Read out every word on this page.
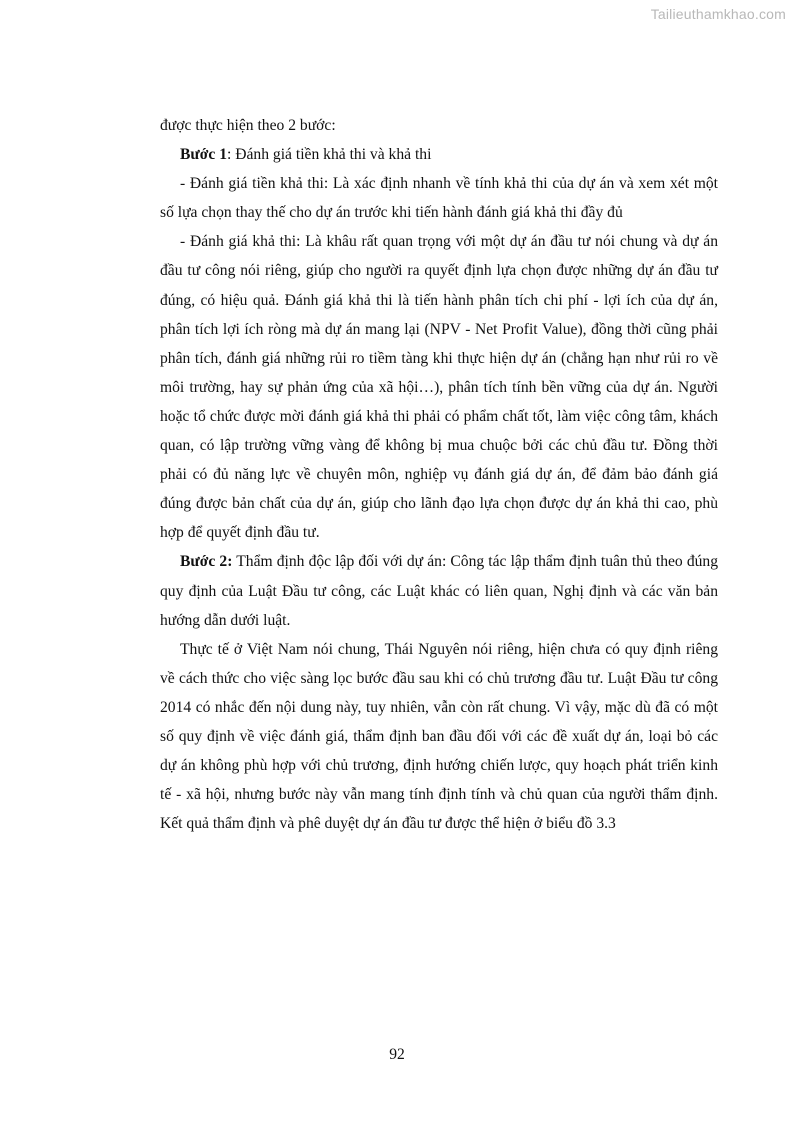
Tailieuthamkhao.com

được thực hiện theo 2 bước:

Bước 1: Đánh giá tiền khả thi và khả thi

- Đánh giá tiền khả thi: Là xác định nhanh về tính khả thi của dự án và xem xét một số lựa chọn thay thế cho dự án trước khi tiến hành đánh giá khả thi đầy đủ

- Đánh giá khả thi: Là khâu rất quan trọng với một dự án đầu tư nói chung và dự án đầu tư công nói riêng, giúp cho người ra quyết định lựa chọn được những dự án đầu tư đúng, có hiệu quả. Đánh giá khả thi là tiến hành phân tích chi phí - lợi ích của dự án, phân tích lợi ích ròng mà dự án mang lại (NPV - Net Profit Value), đồng thời cũng phải phân tích, đánh giá những rủi ro tiềm tàng khi thực hiện dự án (chẳng hạn như rủi ro về môi trường, hay sự phản ứng của xã hội…), phân tích tính bền vững của dự án. Người hoặc tổ chức được mời đánh giá khả thi phải có phẩm chất tốt, làm việc công tâm, khách quan, có lập trường vững vàng để không bị mua chuộc bởi các chủ đầu tư. Đồng thời phải có đủ năng lực về chuyên môn, nghiệp vụ đánh giá dự án, để đảm bảo đánh giá đúng được bản chất của dự án, giúp cho lãnh đạo lựa chọn được dự án khả thi cao, phù hợp để quyết định đầu tư.

Bước 2: Thẩm định độc lập đối với dự án: Công tác lập thẩm định tuân thủ theo đúng quy định của Luật Đầu tư công, các Luật khác có liên quan, Nghị định và các văn bản hướng dẫn dưới luật.

Thực tế ở Việt Nam nói chung, Thái Nguyên nói riêng, hiện chưa có quy định riêng về cách thức cho việc sàng lọc bước đầu sau khi có chủ trương đầu tư. Luật Đầu tư công 2014 có nhắc đến nội dung này, tuy nhiên, vẫn còn rất chung. Vì vậy, mặc dù đã có một số quy định về việc đánh giá, thẩm định ban đầu đối với các đề xuất dự án, loại bỏ các dự án không phù hợp với chủ trương, định hướng chiến lược, quy hoạch phát triển kinh tế - xã hội, nhưng bước này vẫn mang tính định tính và chủ quan của người thẩm định. Kết quả thẩm định và phê duyệt dự án đầu tư được thể hiện ở biểu đồ 3.3

92
